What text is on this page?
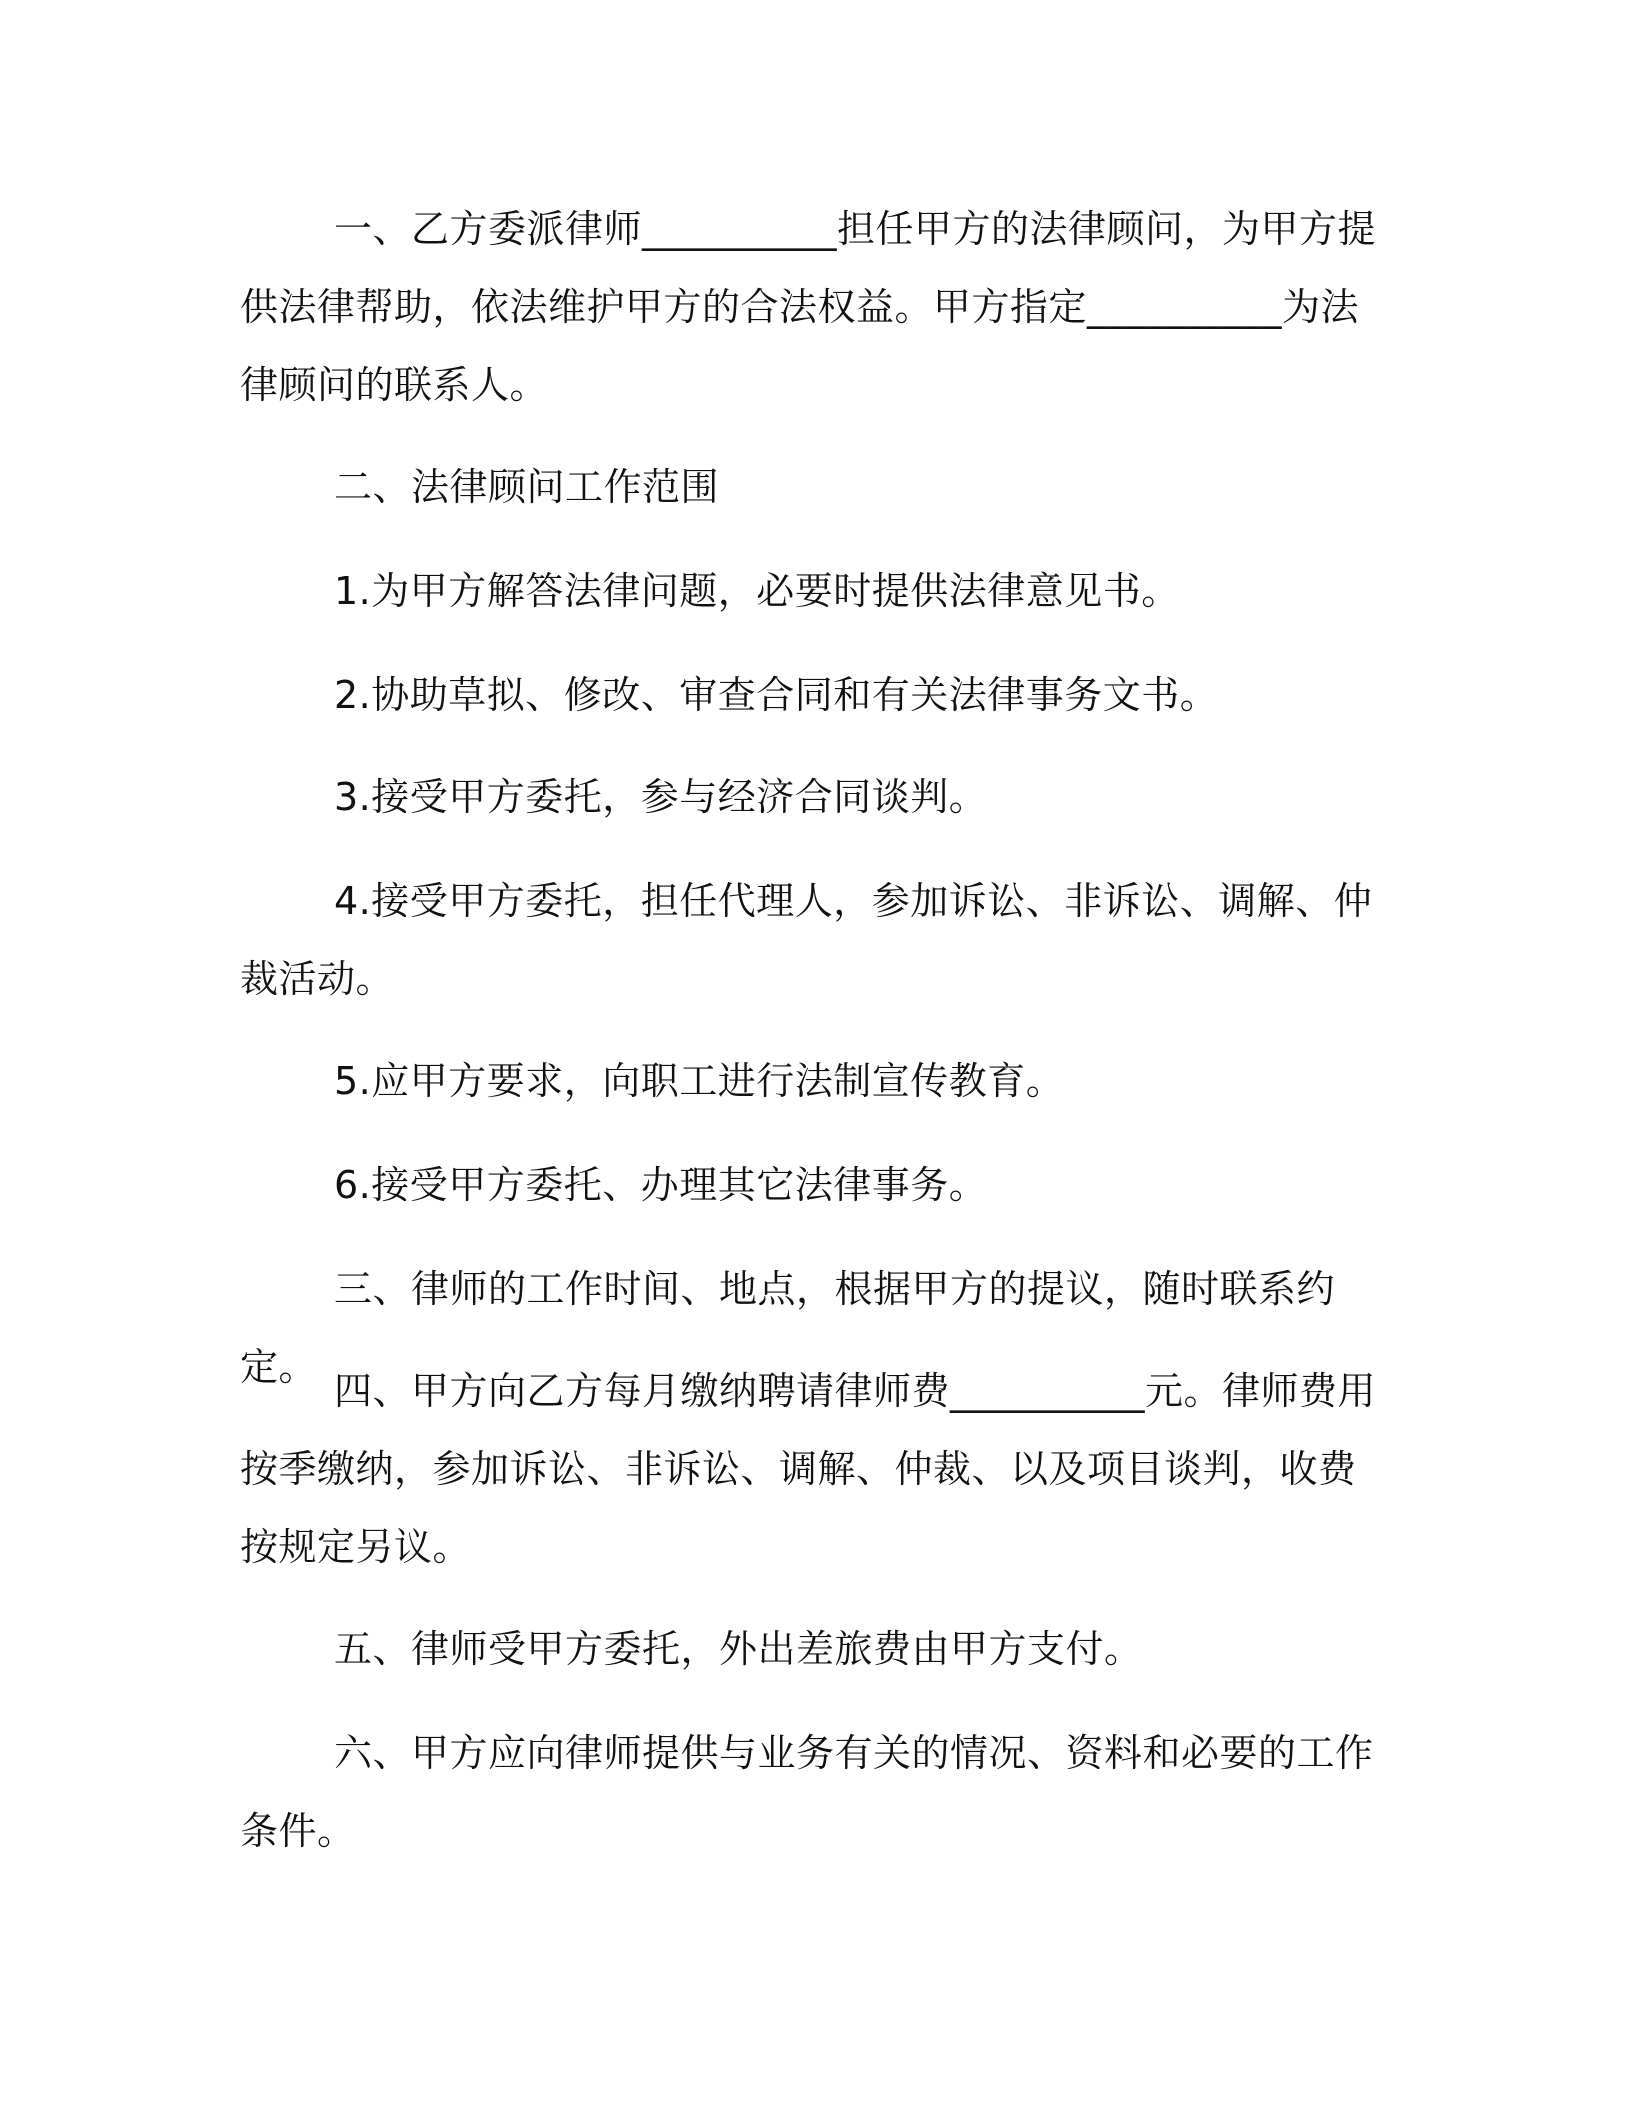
一、乙方委派律师__________担任甲方的法律顾问，为甲方提供法律帮助，依法维护甲方的合法权益。甲方指定__________为法律顾问的联系人。

二、法律顾问工作范围

1.为甲方解答法律问题，必要时提供法律意见书。

2.协助草拟、修改、审查合同和有关法律事务文书。

3.接受甲方委托，参与经济合同谈判。

4.接受甲方委托，担任代理人，参加诉讼、非诉讼、调解、仲裁活动。

5.应甲方要求，向职工进行法制宣传教育。

6.接受甲方委托、办理其它法律事务。

三、律师的工作时间、地点，根据甲方的提议，随时联系约定。

四、甲方向乙方每月缴纳聘请律师费__________元。律师费用按季缴纳，参加诉讼、非诉讼、调解、仲裁、以及项目谈判，收费按规定另议。

五、律师受甲方委托，外出差旅费由甲方支付。

六、甲方应向律师提供与业务有关的情况、资料和必要的工作条件。
